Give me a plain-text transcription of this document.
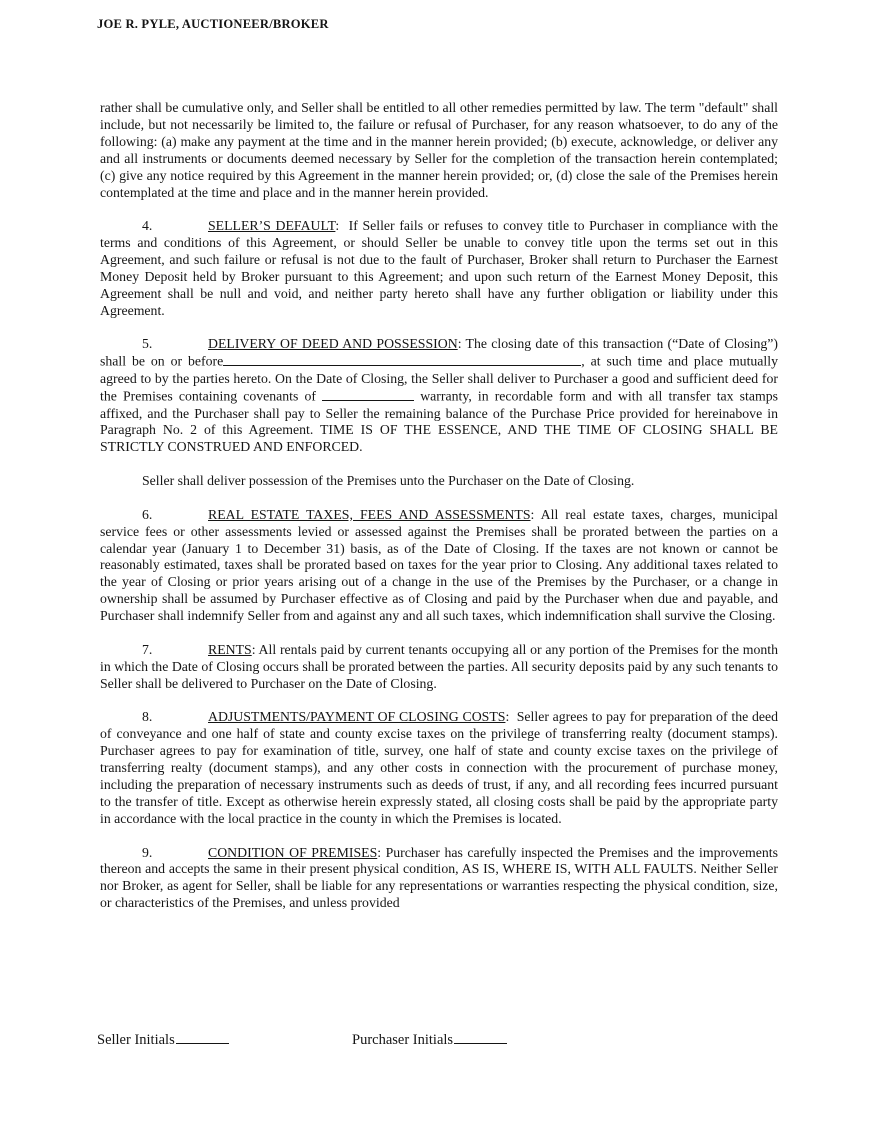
JOE R. PYLE, AUCTIONEER/BROKER

rather shall be cumulative only, and Seller shall be entitled to all other remedies permitted by law. The term "default" shall include, but not necessarily be limited to, the failure or refusal of Purchaser, for any reason whatsoever, to do any of the following: (a) make any payment at the time and in the manner herein provided; (b) execute, acknowledge, or deliver any and all instruments or documents deemed necessary by Seller for the completion of the transaction herein contemplated; (c) give any notice required by this Agreement in the manner herein provided; or, (d) close the sale of the Premises herein contemplated at the time and place and in the manner herein provided.

4.	SELLER’S DEFAULT:  If Seller fails or refuses to convey title to Purchaser in compliance with the terms and conditions of this Agreement, or should Seller be unable to convey title upon the terms set out in this Agreement, and such failure or refusal is not due to the fault of Purchaser, Broker shall return to Purchaser the Earnest Money Deposit held by Broker pursuant to this Agreement; and upon such return of the Earnest Money Deposit, this Agreement shall be null and void, and neither party hereto shall have any further obligation or liability under this Agreement.

5.	DELIVERY OF DEED AND POSSESSION: The closing date of this transaction (“Date of Closing”) shall be on or before	, at such time and place mutually agreed to by the parties hereto. On the Date of Closing, the Seller shall deliver to Purchaser a good and sufficient deed for the Premises containing covenants of	warranty, in recordable form and with all transfer tax stamps affixed, and the Purchaser shall pay to Seller the remaining balance of the Purchase Price provided for hereinabove in Paragraph No. 2 of this Agreement. TIME IS OF THE ESSENCE, AND THE TIME OF CLOSING SHALL BE STRICTLY CONSTRUED AND ENFORCED.

Seller shall deliver possession of the Premises unto the Purchaser on the Date of Closing.

6.	REAL ESTATE TAXES, FEES AND ASSESSMENTS: All real estate taxes, charges, municipal service fees or other assessments levied or assessed against the Premises shall be prorated between the parties on a calendar year (January 1 to December 31) basis, as of the Date of Closing. If the taxes are not known or cannot be reasonably estimated, taxes shall be prorated based on taxes for the year prior to Closing. Any additional taxes related to the year of Closing or prior years arising out of a change in the use of the Premises by the Purchaser, or a change in ownership shall be assumed by Purchaser effective as of Closing and paid by the Purchaser when due and payable, and Purchaser shall indemnify Seller from and against any and all such taxes, which indemnification shall survive the Closing.

7.	RENTS: All rentals paid by current tenants occupying all or any portion of the Premises for the month in which the Date of Closing occurs shall be prorated between the parties. All security deposits paid by any such tenants to Seller shall be delivered to Purchaser on the Date of Closing.

8.	ADJUSTMENTS/PAYMENT OF CLOSING COSTS:  Seller agrees to pay for preparation of the deed of conveyance and one half of state and county excise taxes on the privilege of transferring realty (document stamps). Purchaser agrees to pay for examination of title, survey, one half of state and county excise taxes on the privilege of transferring realty (document stamps), and any other costs in connection with the procurement of purchase money, including the preparation of necessary instruments such as deeds of trust, if any, and all recording fees incurred pursuant to the transfer of title. Except as otherwise herein expressly stated, all closing costs shall be paid by the appropriate party in accordance with the local practice in the county in which the Premises is located.

9.	CONDITION OF PREMISES: Purchaser has carefully inspected the Premises and the improvements thereon and accepts the same in their present physical condition, AS IS, WHERE IS, WITH ALL FAULTS. Neither Seller nor Broker, as agent for Seller, shall be liable for any representations or warranties respecting the physical condition, size, or characteristics of the Premises, and unless provided

Seller Initials	Purchaser Initials
